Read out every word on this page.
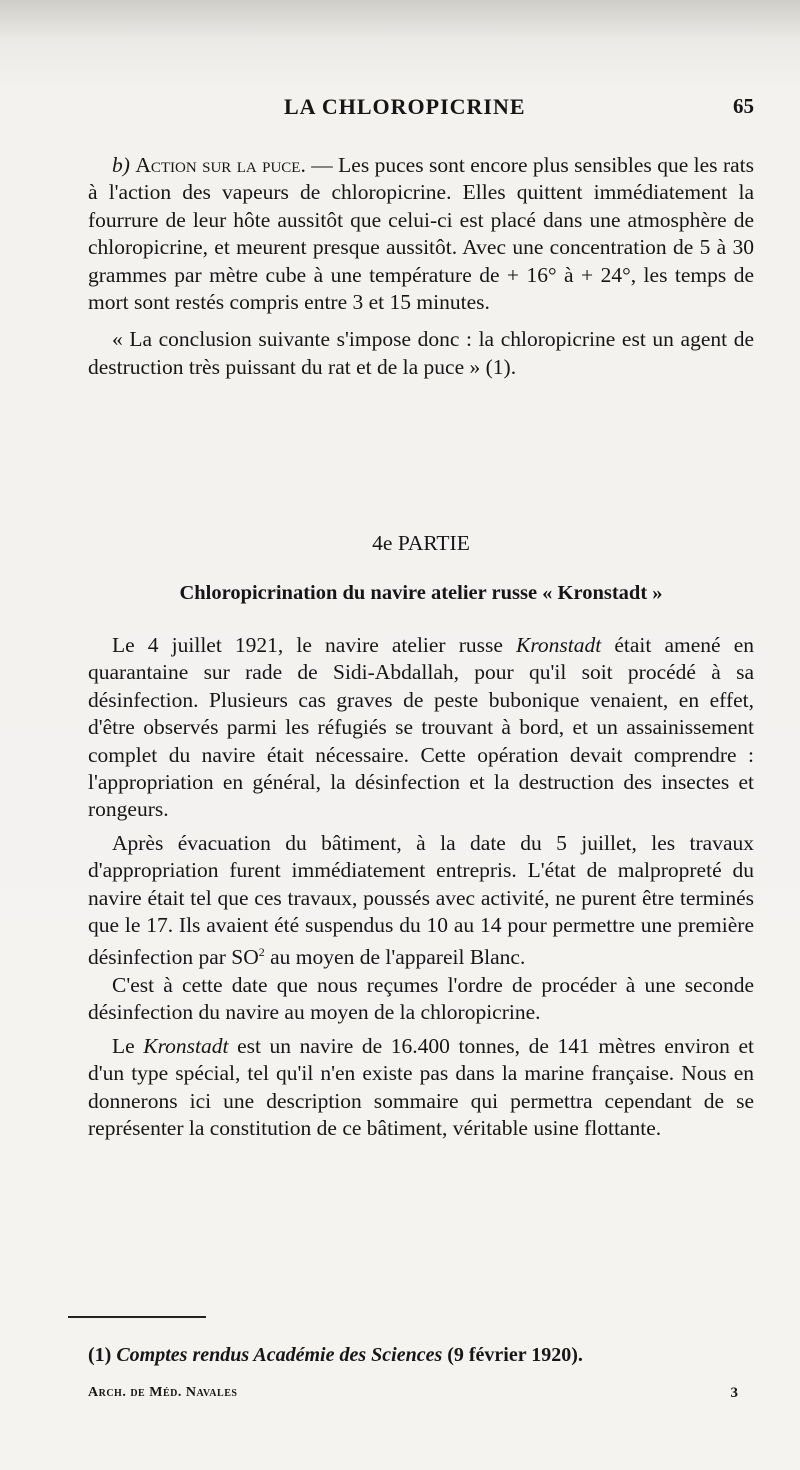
LA CHLOROPICRINE	65

b) Action sur la puce. — Les puces sont encore plus sensibles que les rats à l'action des vapeurs de chloropicrine. Elles quittent immédiatement la fourrure de leur hôte aussitôt que celui-ci est placé dans une atmosphère de chloropicrine, et meurent presque aussitôt. Avec une concentration de 5 à 30 grammes par mètre cube à une température de + 16° à + 24°, les temps de mort sont restés compris entre 3 et 15 minutes.

« La conclusion suivante s'impose donc : la chloropicrine est un agent de destruction très puissant du rat et de la puce » (1).

4e PARTIE
Chloropicrination du navire atelier russe « Kronstadt »

Le 4 juillet 1921, le navire atelier russe Kronstadt était amené en quarantaine sur rade de Sidi-Abdallah, pour qu'il soit procédé à sa désinfection. Plusieurs cas graves de peste bubonique venaient, en effet, d'être observés parmi les réfugiés se trouvant à bord, et un assainissement complet du navire était nécessaire. Cette opération devait comprendre : l'appropriation en général, la désinfection et la destruction des insectes et rongeurs.

Après évacuation du bâtiment, à la date du 5 juillet, les travaux d'appropriation furent immédiatement entrepris. L'état de malpropreté du navire était tel que ces travaux, poussés avec activité, ne purent être terminés que le 17. Ils avaient été suspendus du 10 au 14 pour permettre une première désinfection par $SO^2$ au moyen de l'appareil Blanc.

C'est à cette date que nous reçumes l'ordre de procéder à une seconde désinfection du navire au moyen de la chloropicrine.

Le Kronstadt est un navire de 16.400 tonnes, de 141 mètres environ et d'un type spécial, tel qu'il n'en existe pas dans la marine française. Nous en donnerons ici une description sommaire qui permettra cependant de se représenter la constitution de ce bâtiment, véritable usine flottante.

(1) Comptes rendus Académie des Sciences (9 février 1920).
Arch. de Méd. Navales	3
